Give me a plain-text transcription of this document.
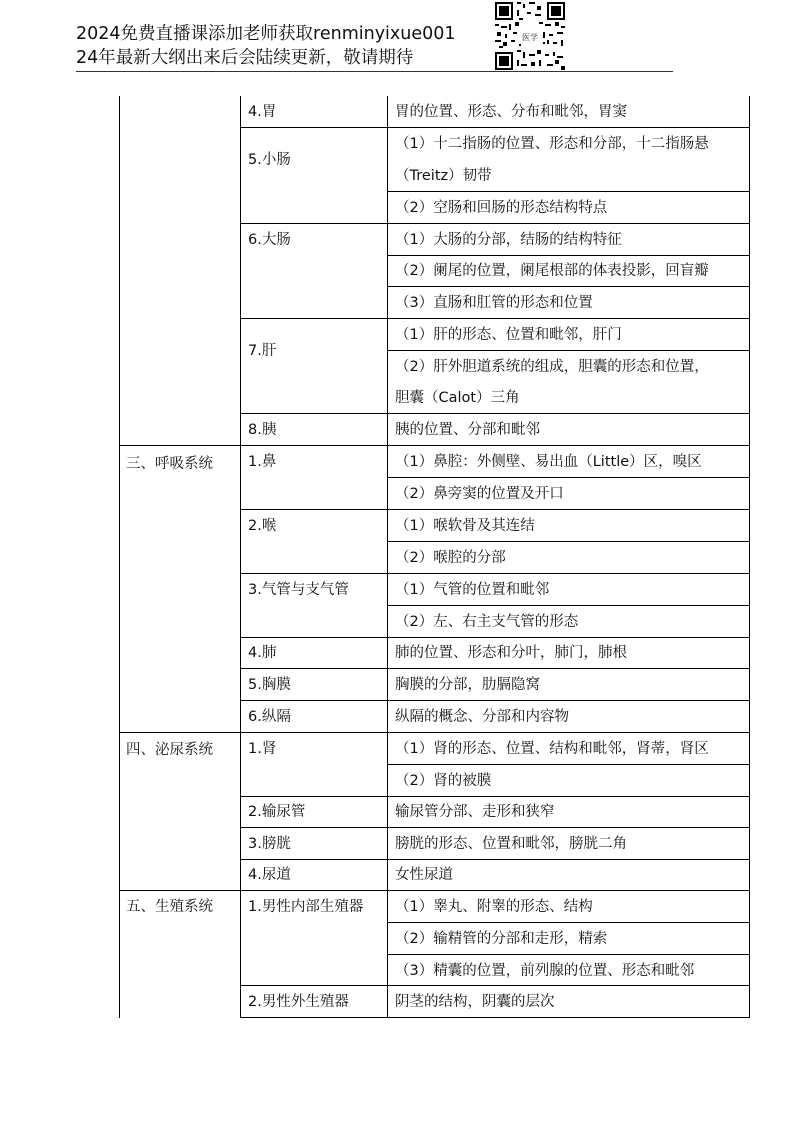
2024免费直播课添加老师获取renminyixue001
24年最新大纲出来后会陆续更新，敬请期待
医学
三、呼吸系统
四、泌尿系统
五、生殖系统
4.胃
5.小肠
6.大肠
7.肝
8.胰
1.鼻
2.喉
3.气管与支气管
4.肺
5.胸膜
6.纵隔
1.肾
2.输尿管
3.膀胱
4.尿道
1.男性内部生殖器
2.男性外生殖器
胃的位置、形态、分布和毗邻，胃窦
（1）十二指肠的位置、形态和分部，十二指肠悬
（Treitz）韧带
（2）空肠和回肠的形态结构特点
（1）大肠的分部，结肠的结构特征
（2）阑尾的位置，阑尾根部的体表投影，回盲瓣
（3）直肠和肛管的形态和位置
（1）肝的形态、位置和毗邻，肝门
（2）肝外胆道系统的组成，胆囊的形态和位置，
胆囊（Calot）三角
胰的位置、分部和毗邻
（1）鼻腔：外侧壁、易出血（Little）区，嗅区
（2）鼻旁窦的位置及开口
（1）喉软骨及其连结
（2）喉腔的分部
（1）气管的位置和毗邻
（2）左、右主支气管的形态
肺的位置、形态和分叶，肺门，肺根
胸膜的分部，肋膈隐窝
纵隔的概念、分部和内容物
（1）肾的形态、位置、结构和毗邻，肾蒂，肾区
（2）肾的被膜
输尿管分部、走形和狭窄
膀胱的形态、位置和毗邻，膀胱二角
女性尿道
（1）睾丸、附睾的形态、结构
（2）输精管的分部和走形，精索
（3）精囊的位置，前列腺的位置、形态和毗邻
阴茎的结构，阴囊的层次
